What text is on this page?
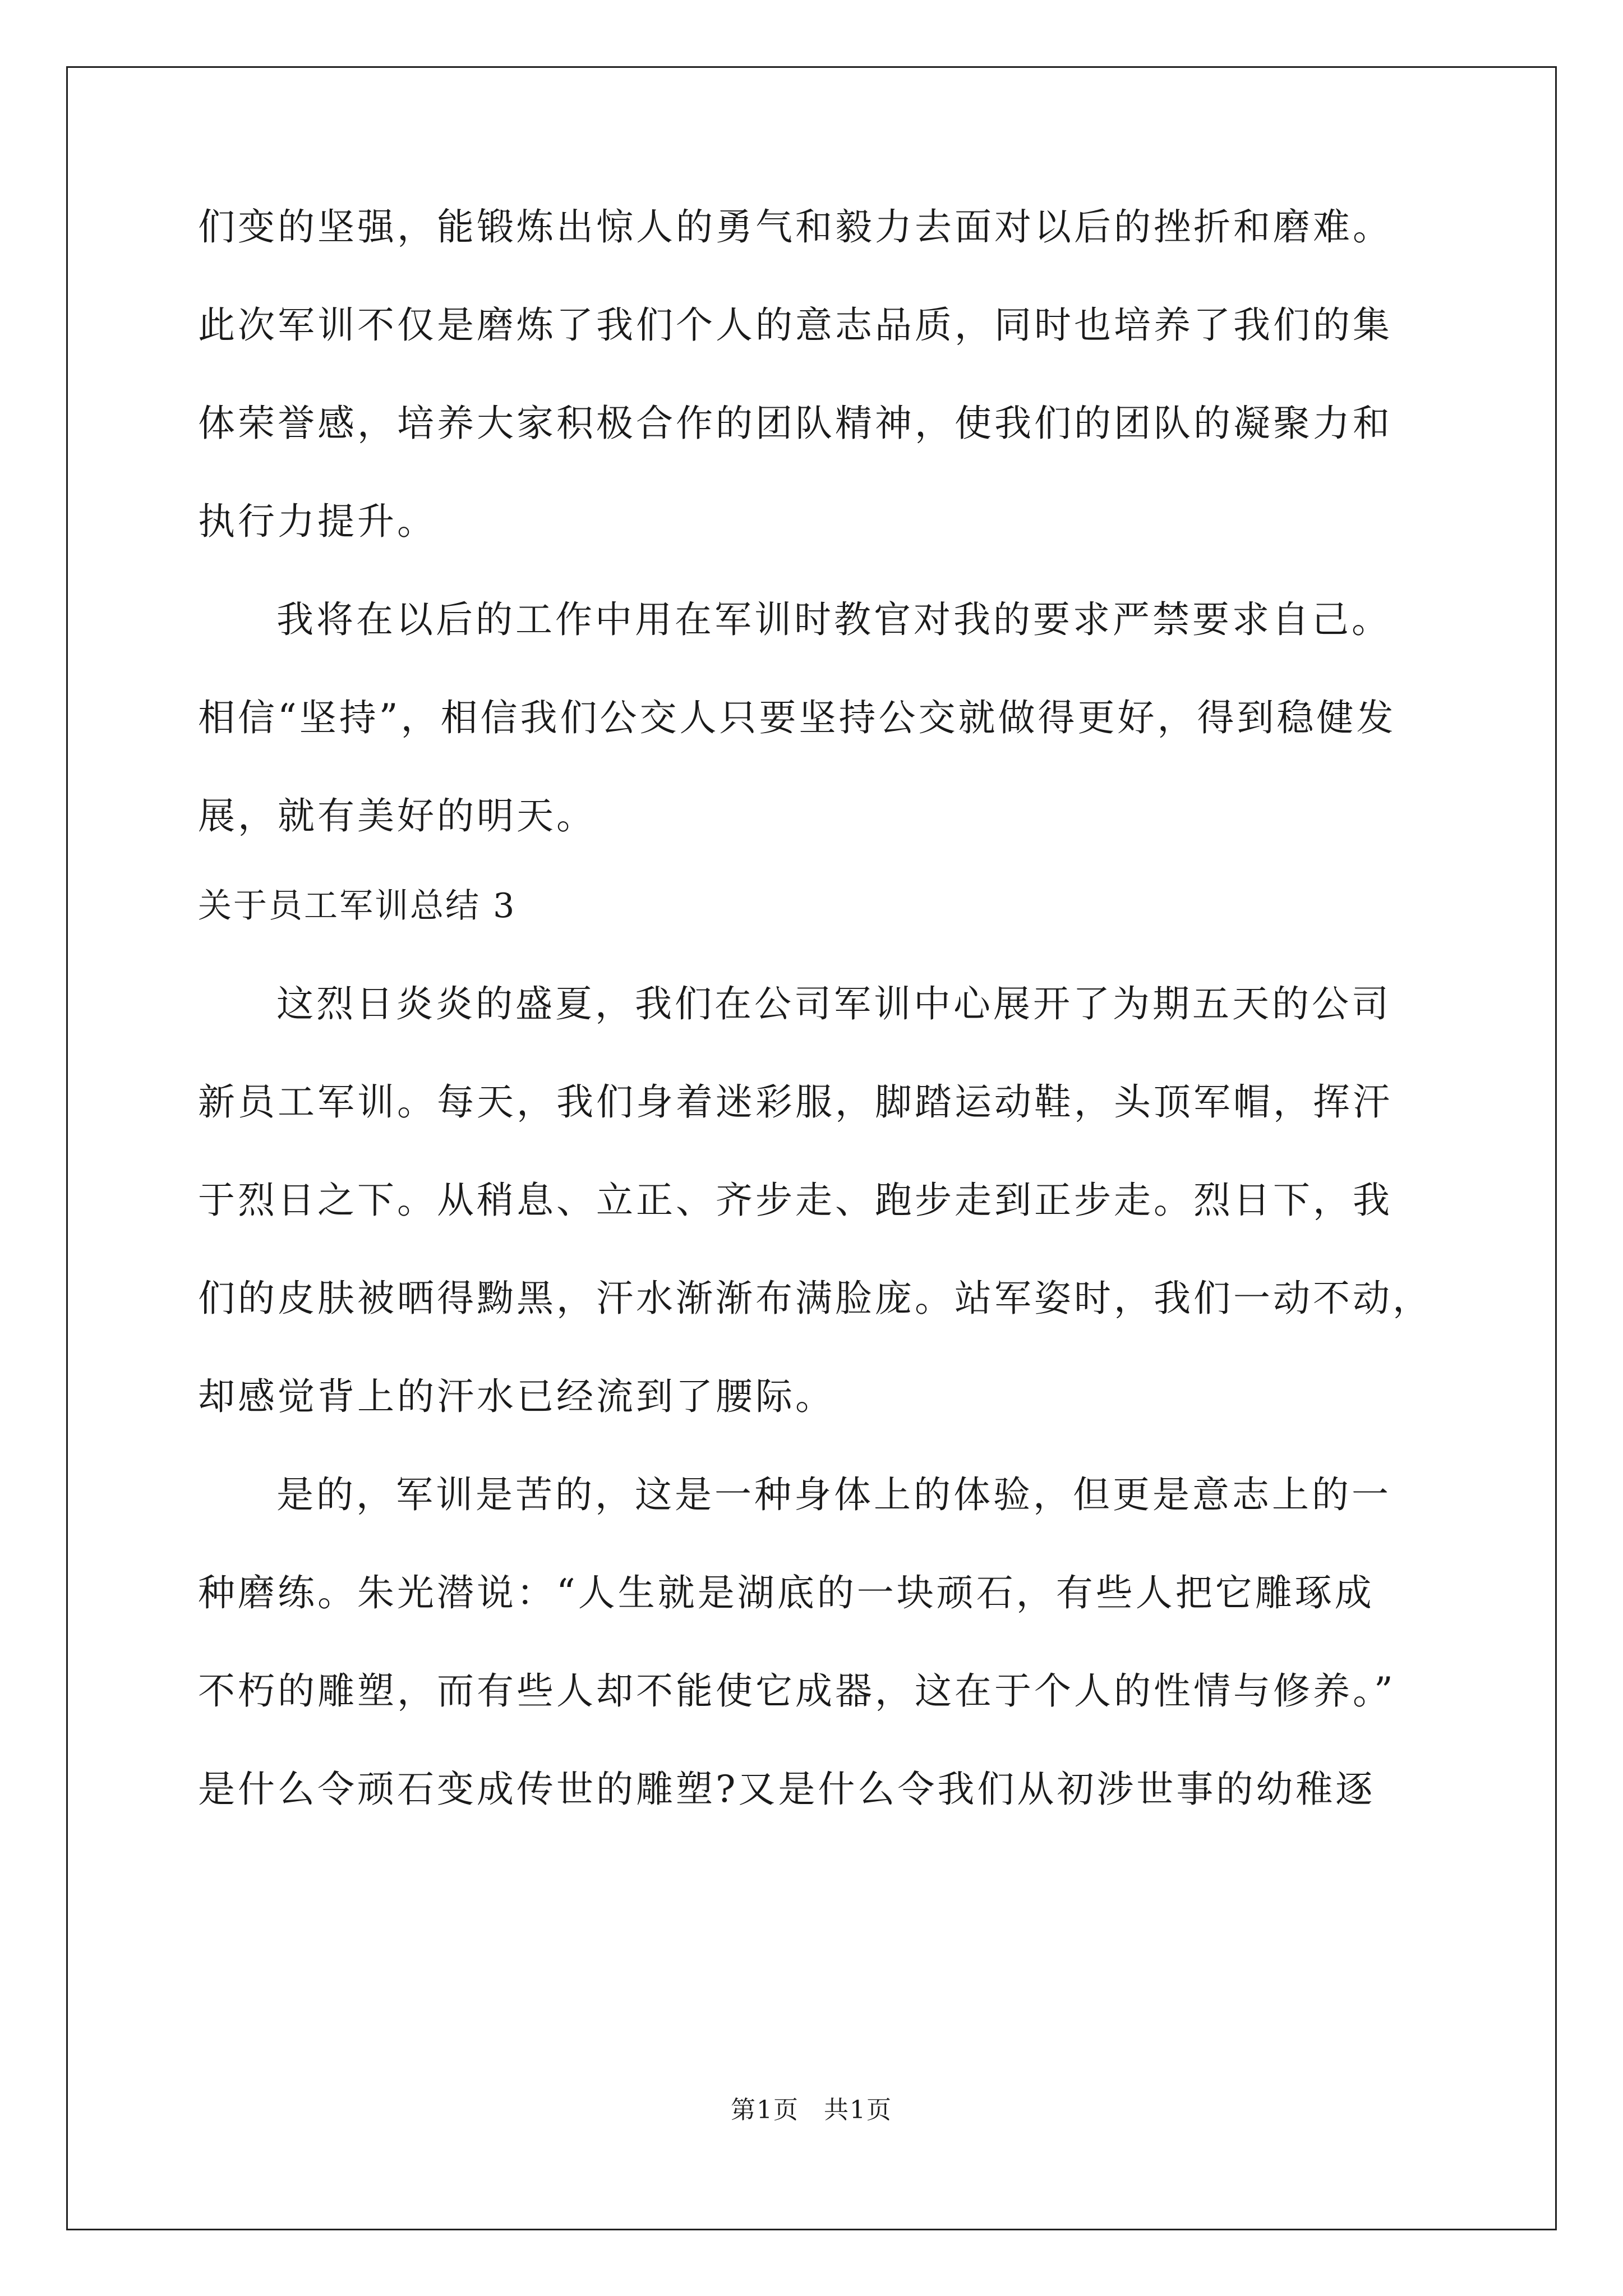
们变的坚强，能锻炼出惊人的勇气和毅力去面对以后的挫折和磨难。
此次军训不仅是磨炼了我们个人的意志品质，同时也培养了我们的集
体荣誉感，培养大家积极合作的团队精神，使我们的团队的凝聚力和
执行力提升。
我将在以后的工作中用在军训时教官对我的要求严禁要求自己。
相信“坚持”，相信我们公交人只要坚持公交就做得更好，得到稳健发
展，就有美好的明天。
关于员工军训总结 3
这烈日炎炎的盛夏，我们在公司军训中心展开了为期五天的公司
新员工军训。每天，我们身着迷彩服，脚踏运动鞋，头顶军帽，挥汗
于烈日之下。从稍息、立正、齐步走、跑步走到正步走。烈日下，我
们的皮肤被晒得黝黑，汗水渐渐布满脸庞。站军姿时，我们一动不动，
却感觉背上的汗水已经流到了腰际。
是的，军训是苦的，这是一种身体上的体验，但更是意志上的一
种磨练。朱光潜说：“人生就是湖底的一块顽石，有些人把它雕琢成
不朽的雕塑，而有些人却不能使它成器，这在于个人的性情与修养。”
是什么令顽石变成传世的雕塑?又是什么令我们从初涉世事的幼稚逐
第1页 共1页
